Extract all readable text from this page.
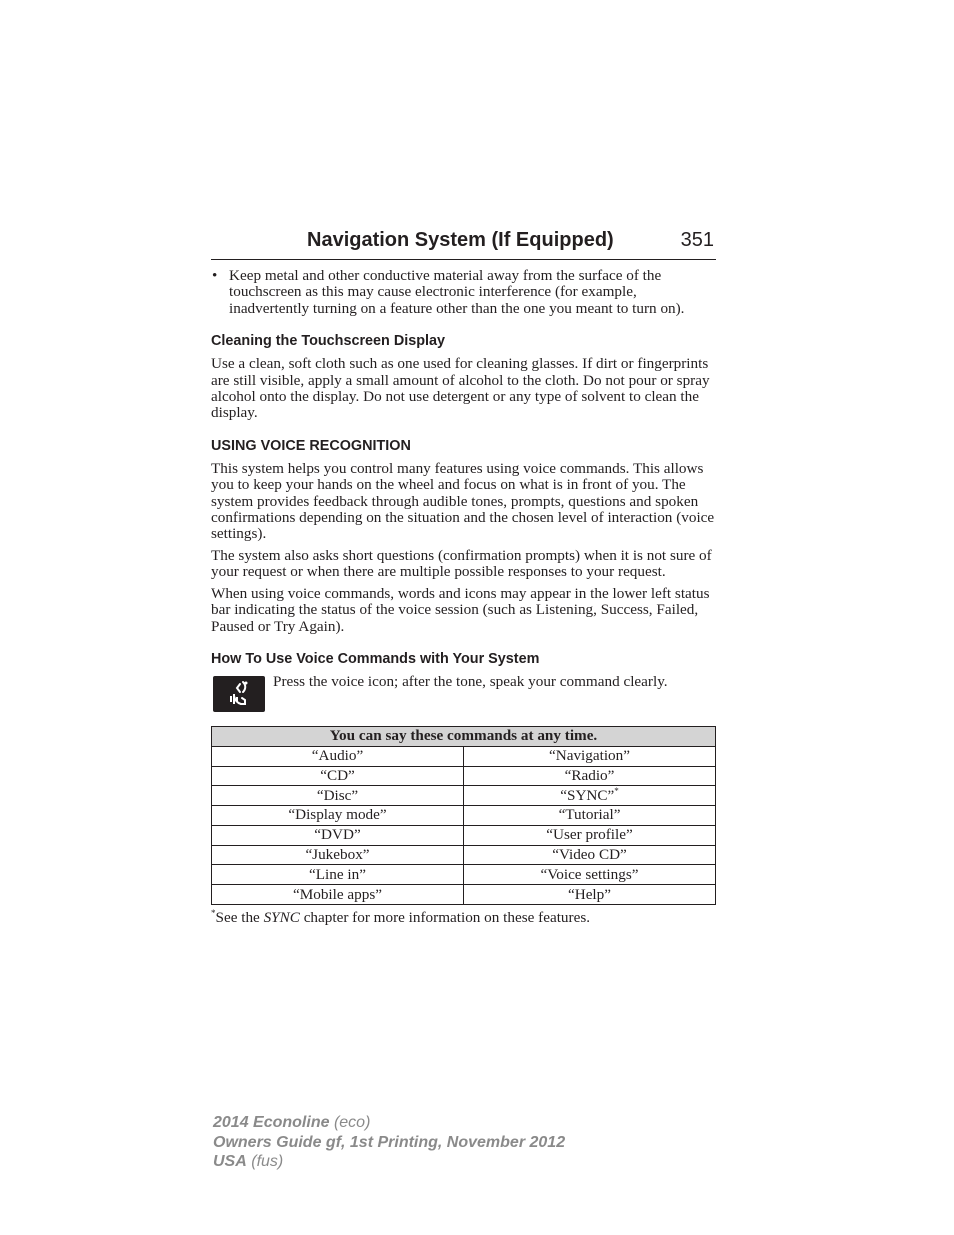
Navigation System (If Equipped)	351

• Keep metal and other conductive material away from the surface of the touchscreen as this may cause electronic interference (for example, inadvertently turning on a feature other than the one you meant to turn on).

Cleaning the Touchscreen Display

Use a clean, soft cloth such as one used for cleaning glasses. If dirt or fingerprints are still visible, apply a small amount of alcohol to the cloth. Do not pour or spray alcohol onto the display. Do not use detergent or any type of solvent to clean the display.

USING VOICE RECOGNITION

This system helps you control many features using voice commands. This allows you to keep your hands on the wheel and focus on what is in front of you. The system provides feedback through audible tones, prompts, questions and spoken confirmations depending on the situation and the chosen level of interaction (voice settings).

The system also asks short questions (confirmation prompts) when it is not sure of your request or when there are multiple possible responses to your request.

When using voice commands, words and icons may appear in the lower left status bar indicating the status of the voice session (such as Listening, Success, Failed, Paused or Try Again).

How To Use Voice Commands with Your System

Press the voice icon; after the tone, speak your command clearly.

You can say these commands at any time.	
“Audio”	“Navigation”
“CD”	“Radio”
“Disc”	“SYNC”*
“Display mode”	“Tutorial”
“DVD”	“User profile”
“Jukebox”	“Video CD”
“Line in”	“Voice settings”
“Mobile apps”	“Help”
*See the SYNC chapter for more information on these features.
2014 Econoline (eco)
Owners Guide gf, 1st Printing, November 2012
USA (fus)
